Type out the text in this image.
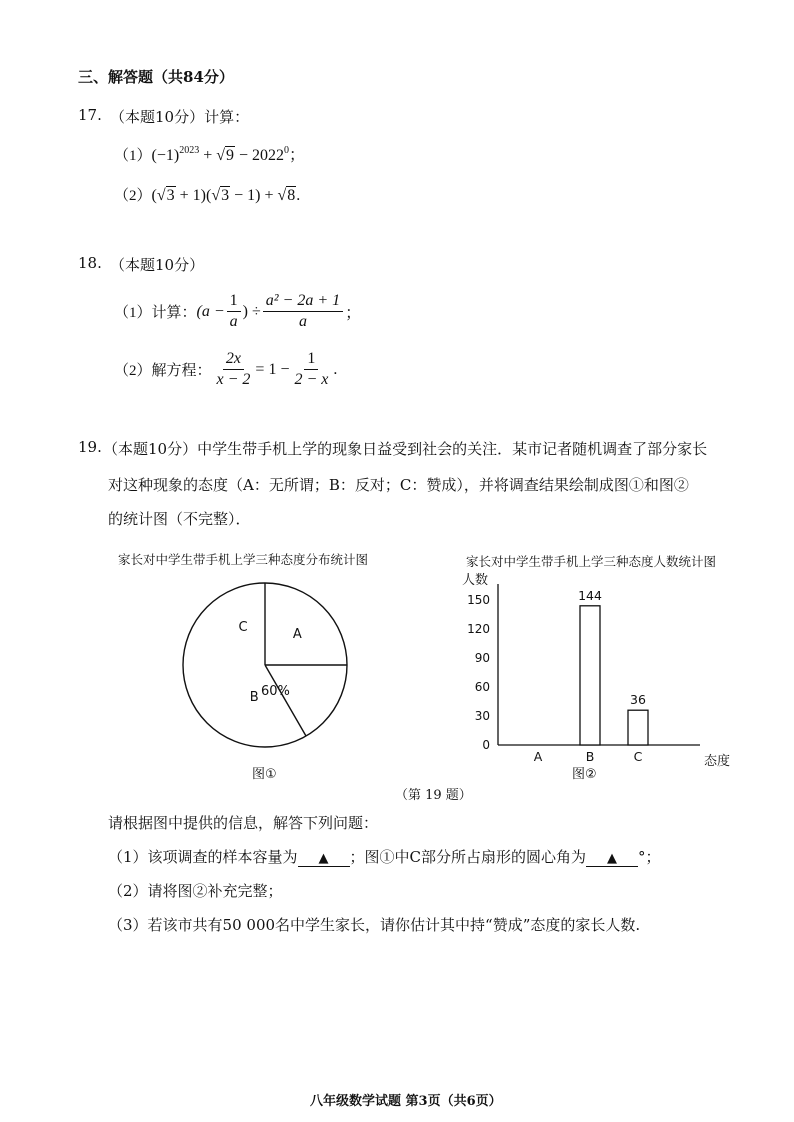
三、解答题（共84分）
17. （本题10分）计算：
$(1)(-1)^{2023} + √9 - 2022^0$；
（2）(√3 + 1)(√3 − 1) + √8.
18. （本题10分）
（1）计算： ($a - \frac{1}{a}$ ) ÷ $\frac{\text{a² − 2a + 1}}{a}$ ；
（2）解方程： $\frac{2x}{x - 2} = 1 - \frac{1}{2 - x}$ .
19. （本题10分）中学生带手机上学的现象日益受到社会的关注．某市记者随机调查了部分家长
对这种现象的态度（A：无所谓；B：反对；C：赞成），并将调查结果绘制成图①和图②
的统计图（不完整）．
家长对中学生带手机上学三种态度分布统计图
A
B
C
60%
图①
家长对中学生带手机上学三种态度人数统计图
人数
0
30
60
90
120
150
A	B
144
C
36
态度
图②
（第 19 题）
请根据图中提供的信息，解答下列问题：
（1）该项调查的样本容量为 ▲ ；图①中C部分所占扇形的圆心角为 ▲ °；
（2）请将图②补充完整；
（3）若该市共有50 000名中学生家长，请你估计其中持“赞成”态度的家长人数.
八年级数学试题 第3页（共6页）
